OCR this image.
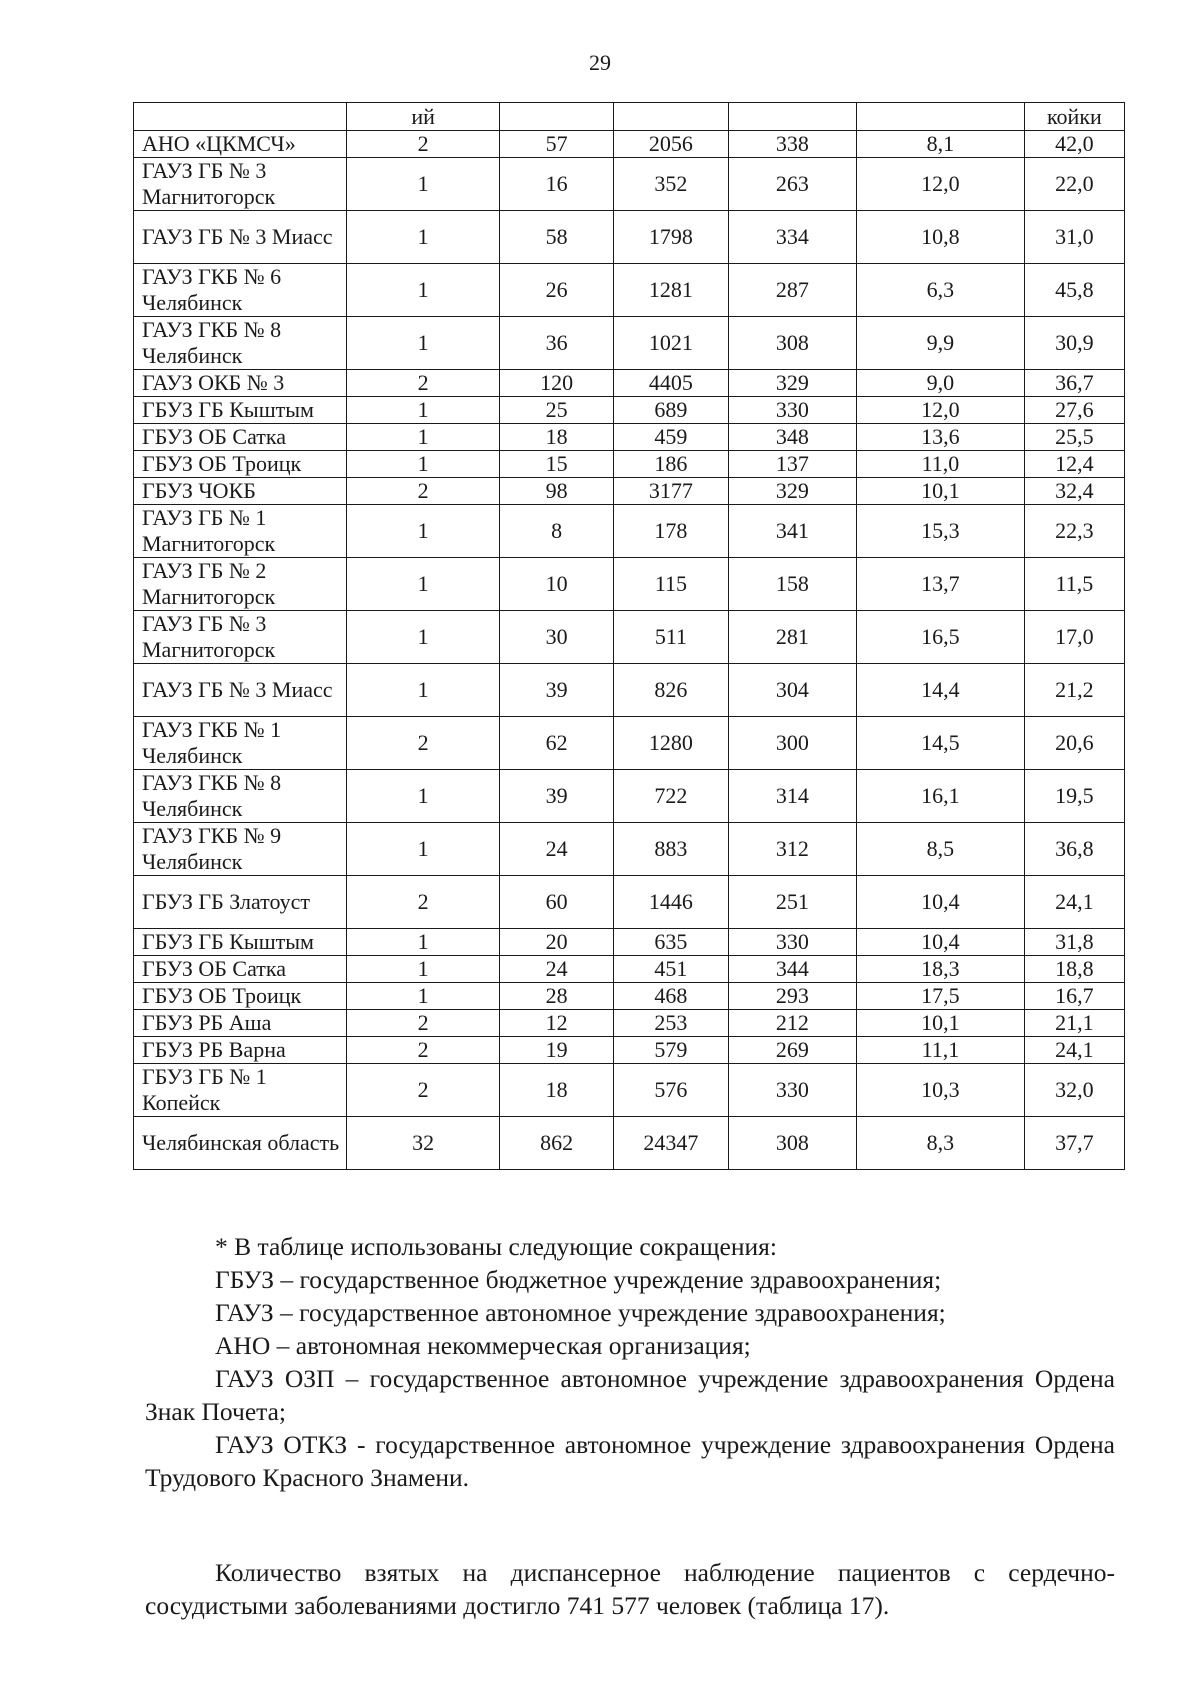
29
	ий					койки
АНО «ЦКМСЧ»	2	57	2056	338	8,1	42,0
ГАУЗ ГБ № 3 Магнитогорск	1	16	352	263	12,0	22,0
ГАУЗ ГБ № 3 Миасс	1	58	1798	334	10,8	31,0
ГАУЗ ГКБ № 6 Челябинск	1	26	1281	287	6,3	45,8
ГАУЗ ГКБ № 8 Челябинск	1	36	1021	308	9,9	30,9
ГАУЗ ОКБ № 3	2	120	4405	329	9,0	36,7
ГБУЗ ГБ Кыштым	1	25	689	330	12,0	27,6
ГБУЗ ОБ Сатка	1	18	459	348	13,6	25,5
ГБУЗ ОБ Троицк	1	15	186	137	11,0	12,4
ГБУЗ ЧОКБ	2	98	3177	329	10,1	32,4
ГАУЗ ГБ № 1 Магнитогорск	1	8	178	341	15,3	22,3
ГАУЗ ГБ № 2 Магнитогорск	1	10	115	158	13,7	11,5
ГАУЗ ГБ № 3 Магнитогорск	1	30	511	281	16,5	17,0
ГАУЗ ГБ № 3 Миасс	1	39	826	304	14,4	21,2
ГАУЗ ГКБ № 1 Челябинск	2	62	1280	300	14,5	20,6
ГАУЗ ГКБ № 8 Челябинск	1	39	722	314	16,1	19,5
ГАУЗ ГКБ № 9 Челябинск	1	24	883	312	8,5	36,8
ГБУЗ ГБ Златоуст	2	60	1446	251	10,4	24,1
ГБУЗ ГБ Кыштым	1	20	635	330	10,4	31,8
ГБУЗ ОБ Сатка	1	24	451	344	18,3	18,8
ГБУЗ ОБ Троицк	1	28	468	293	17,5	16,7
ГБУЗ РБ Аша	2	12	253	212	10,1	21,1
ГБУЗ РБ Варна	2	19	579	269	11,1	24,1
ГБУЗ ГБ № 1 Копейск	2	18	576	330	10,3	32,0
Челябинская область	32	862	24347	308	8,3	37,7

* В таблице использованы следующие сокращения:

ГБУЗ – государственное бюджетное учреждение здравоохранения;

ГАУЗ – государственное автономное учреждение здравоохранения;

АНО – автономная некоммерческая организация;

ГАУЗ ОЗП – государственное автономное учреждение здравоохранения Ордена Знак Почета;

ГАУЗ ОТКЗ - государственное автономное учреждение здравоохранения Ордена Трудового Красного Знамени.

Количество взятых на диспансерное наблюдение пациентов с сердечно-сосудистыми заболеваниями достигло 741 577 человек (таблица 17).
